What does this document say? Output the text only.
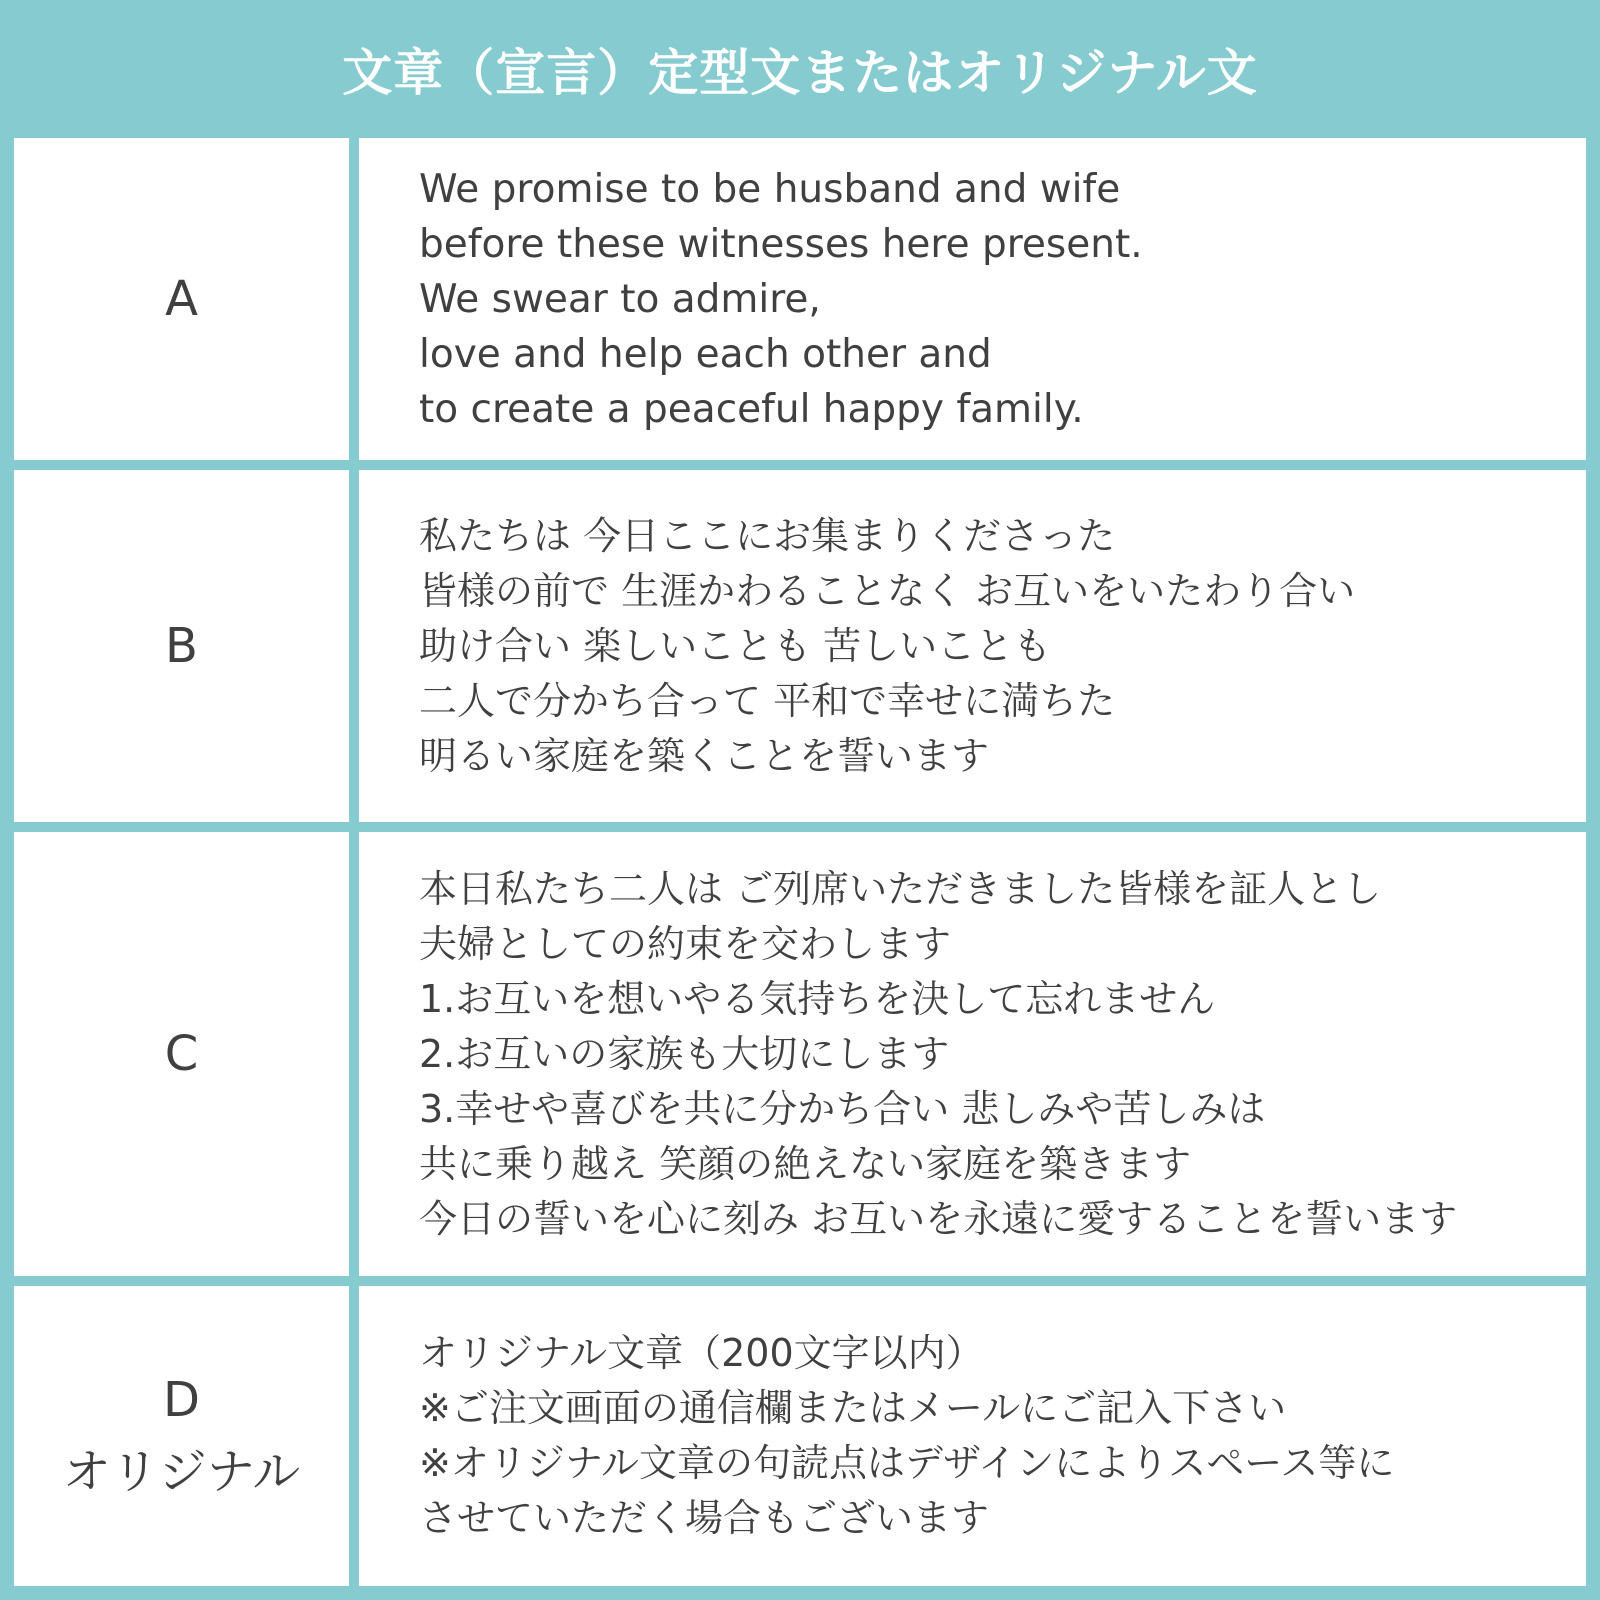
文章（宣言）定型文またはオリジナル文
A
We promise to be husband and wife
before these witnesses here present.
We swear to admire,
love and help each other and
to create a peaceful happy family.
B
私たちは 今日ここにお集まりくださった
皆様の前で 生涯かわることなく お互いをいたわり合い
助け合い 楽しいことも 苦しいことも
二人で分かち合って 平和で幸せに満ちた
明るい家庭を築くことを誓います
C
本日私たち二人は ご列席いただきました皆様を証人とし
夫婦としての約束を交わします
1.お互いを想いやる気持ちを決して忘れません
2.お互いの家族も大切にします
3.幸せや喜びを共に分かち合い 悲しみや苦しみは
共に乗り越え 笑顔の絶えない家庭を築きます
今日の誓いを心に刻み お互いを永遠に愛することを誓います
D
オリジナル
オリジナル文章（200文字以内）
※ご注文画面の通信欄またはメールにご記入下さい
※オリジナル文章の句読点はデザインによりスペース等に
させていただく場合もございます
